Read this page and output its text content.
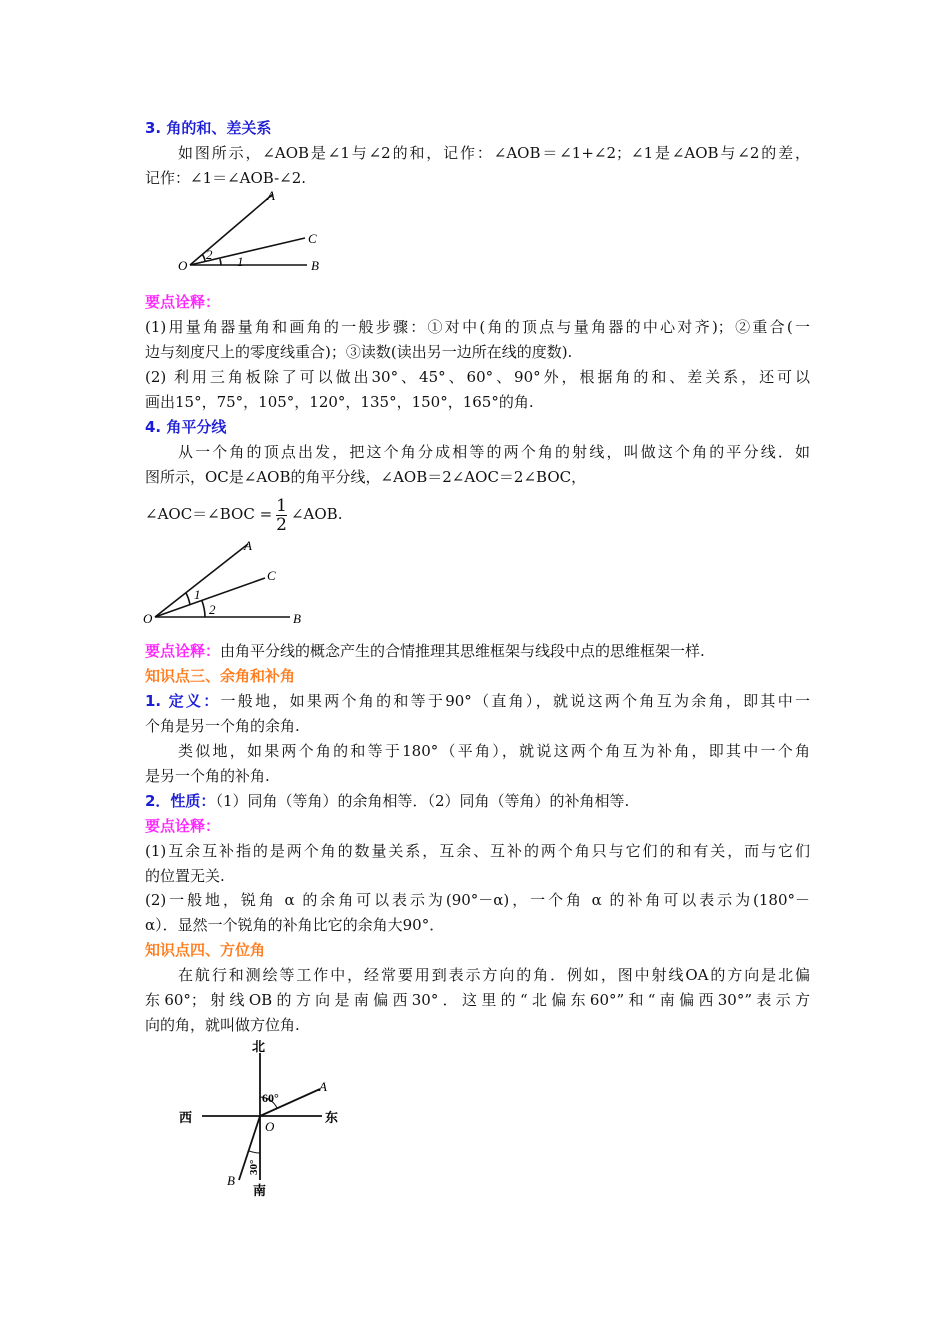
3. 角的和、差关系
如图所示，∠AOB是∠1与∠2的和，记作：∠AOB＝∠1+∠2；∠1是∠AOB与∠2的差，
记作：∠1＝∠AOB-∠2.
O
A
C
B
2 1
要点诠释：
(1)用量角器量角和画角的一般步骤：①对中(角的顶点与量角器的中心对齐)；②重合(一
边与刻度尺上的零度线重合)；③读数(读出另一边所在线的度数).
(2) 利用三角板除了可以做出30°、45°、60°、90°外，根据角的和、差关系，还可以
画出15°，75°，105°，120°，135°，150°，165°的角.
4. 角平分线
从一个角的顶点出发，把这个角分成相等的两个角的射线，叫做这个角的平分线．如
图所示，OC是∠AOB的角平分线，∠AOB＝2∠AOC＝2∠BOC，
∠AOC＝∠BOC = $\frac{1}{2}$ ∠AOB.
O
A
C
B
1
2
要点诠释：由角平分线的概念产生的合情推理其思维框架与线段中点的思维框架一样.
知识点三、余角和补角
1. 定义：一般地，如果两个角的和等于90°（直角），就说这两个角互为余角，即其中一
个角是另一个角的余角.
类似地，如果两个角的和等于180°（平角），就说这两个角互为补角，即其中一个角
是另一个角的补角.
2．性质：（1）同角（等角）的余角相等．（2）同角（等角）的补角相等.
要点诠释：
(1)互余互补指的是两个角的数量关系，互余、互补的两个角只与它们的和有关，而与它们
的位置无关.
(2)一般地，锐角 α 的余角可以表示为(90°－α)，一个角 α 的补角可以表示为(180°－
α）．显然一个锐角的补角比它的余角大90°．
知识点四、方位角
在航行和测绘等工作中，经常要用到表示方向的角．例如，图中射线OA的方向是北偏
东60°；射线OB的方向是南偏西30°．这里的“北偏东60°”和“南偏西30°”表示方
向的角，就叫做方位角.
北
南
西	东
A
B
O
60°
30°
